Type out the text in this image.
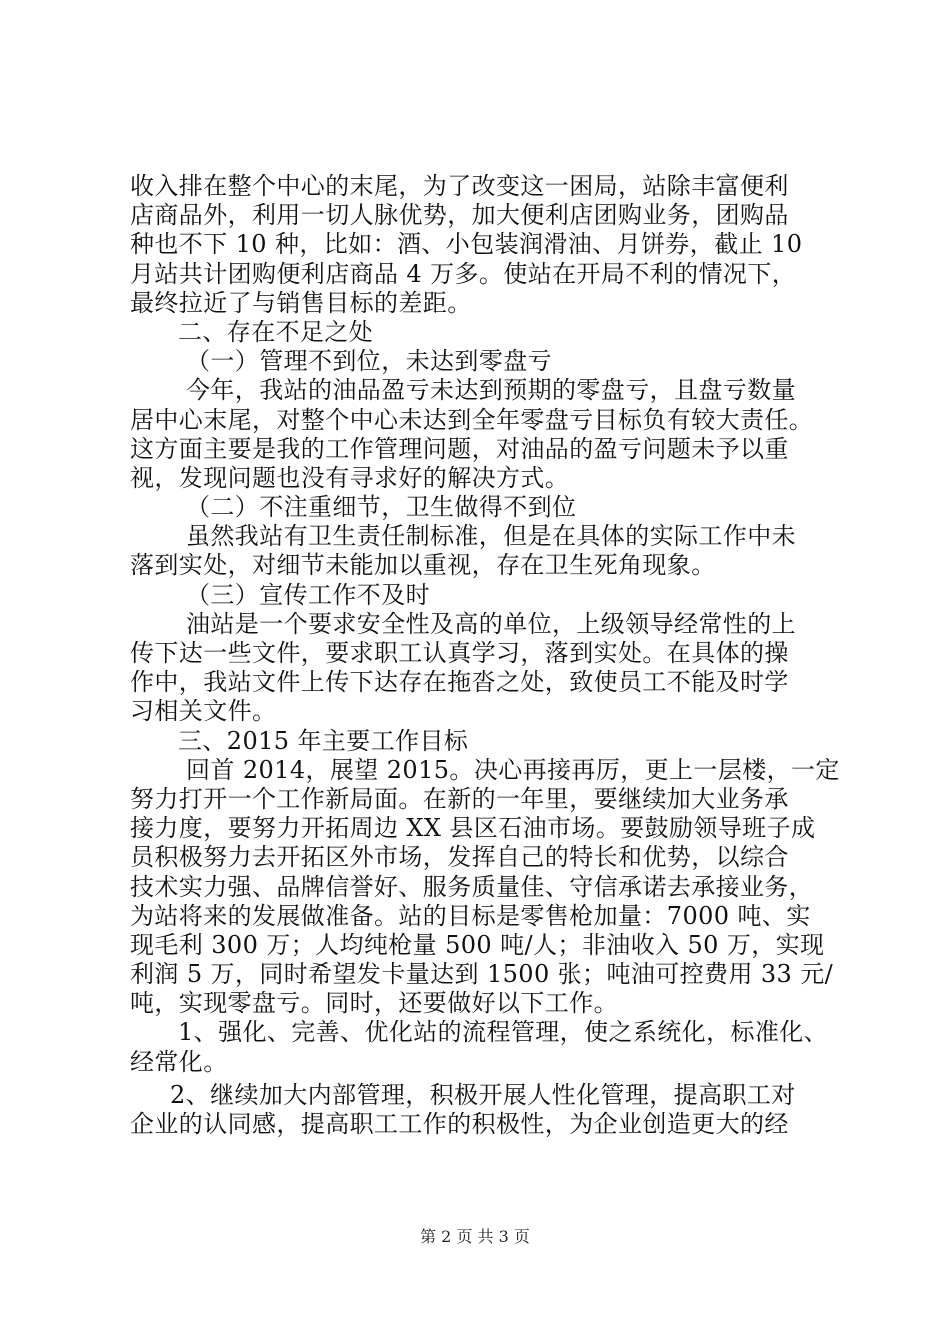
收入排在整个中心的末尾，为了改变这一困局，站除丰富便利
店商品外，利用一切人脉优势，加大便利店团购业务，团购品
种也不下 10 种，比如：酒、小包装润滑油、月饼券，截止 10
月站共计团购便利店商品 4 万多。使站在开局不利的情况下，
最终拉近了与销售目标的差距。
二、存在不足之处
（一）管理不到位，未达到零盘亏
今年，我站的油品盈亏未达到预期的零盘亏，且盘亏数量
居中心末尾，对整个中心未达到全年零盘亏目标负有较大责任。
这方面主要是我的工作管理问题，对油品的盈亏问题未予以重
视，发现问题也没有寻求好的解决方式。
（二）不注重细节，卫生做得不到位
虽然我站有卫生责任制标准，但是在具体的实际工作中未
落到实处，对细节未能加以重视，存在卫生死角现象。
（三）宣传工作不及时
油站是一个要求安全性及高的单位，上级领导经常性的上
传下达一些文件，要求职工认真学习，落到实处。在具体的操
作中，我站文件上传下达存在拖沓之处，致使员工不能及时学
习相关文件。
三、2015 年主要工作目标
回首 2014，展望 2015。决心再接再厉，更上一层楼，一定
努力打开一个工作新局面。在新的一年里，要继续加大业务承
接力度，要努力开拓周边 XX 县区石油市场。要鼓励领导班子成
员积极努力去开拓区外市场，发挥自己的特长和优势，以综合
技术实力强、品牌信誉好、服务质量佳、守信承诺去承接业务，
为站将来的发展做准备。站的目标是零售枪加量：7000 吨、实
现毛利 300 万；人均纯枪量 500 吨/人；非油收入 50 万，实现
利润 5 万，同时希望发卡量达到 1500 张；吨油可控费用 33 元/
吨，实现零盘亏。同时，还要做好以下工作。
1、强化、完善、优化站的流程管理，使之系统化，标准化、
经常化。
2、继续加大内部管理，积极开展人性化管理，提高职工对
企业的认同感，提高职工工作的积极性，为企业创造更大的经
第 2 页 共 3 页
